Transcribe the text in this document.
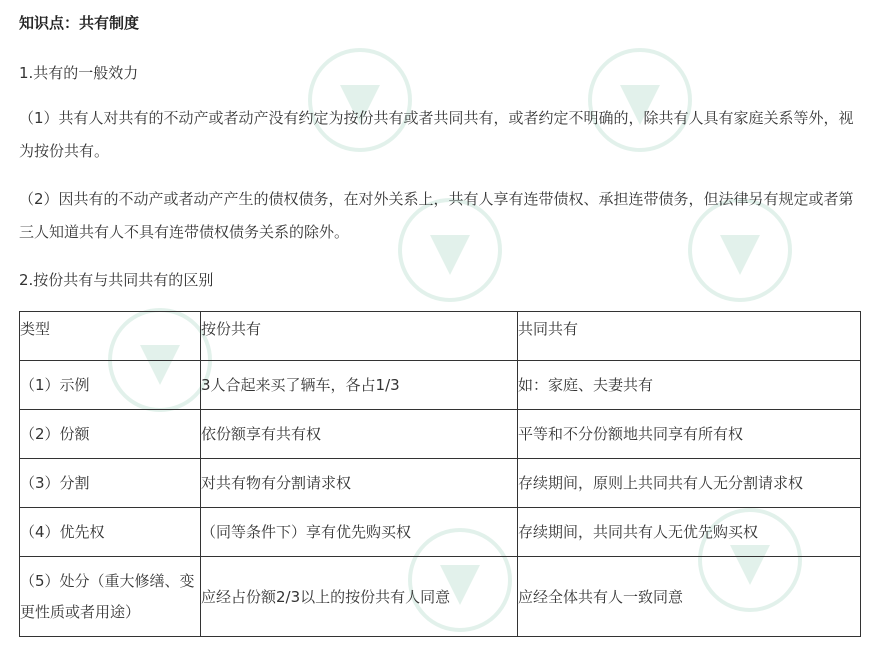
知识点：共有制度
1.共有的一般效力
（1）共有人对共有的不动产或者动产没有约定为按份共有或者共同共有，或者约定不明确的，除共有人具有家庭关系等外，视为按份共有。
（2）因共有的不动产或者动产产生的债权债务，在对外关系上，共有人享有连带债权、承担连带债务，但法律另有规定或者第三人知道共有人不具有连带债权债务关系的除外。
2.按份共有与共同共有的区别
类型	按份共有	共同共有
（1）示例	3人合起来买了辆车，各占1/3	如：家庭、夫妻共有
（2）份额	依份额享有共有权	平等和不分份额地共同享有所有权
（3）分割	对共有物有分割请求权	存续期间，原则上共同共有人无分割请求权
（4）优先权	（同等条件下）享有优先购买权	存续期间，共同共有人无优先购买权
（5）处分（重大修缮、变更性质或者用途）	应经占份额2/3以上的按份共有人同意	应经全体共有人一致同意
